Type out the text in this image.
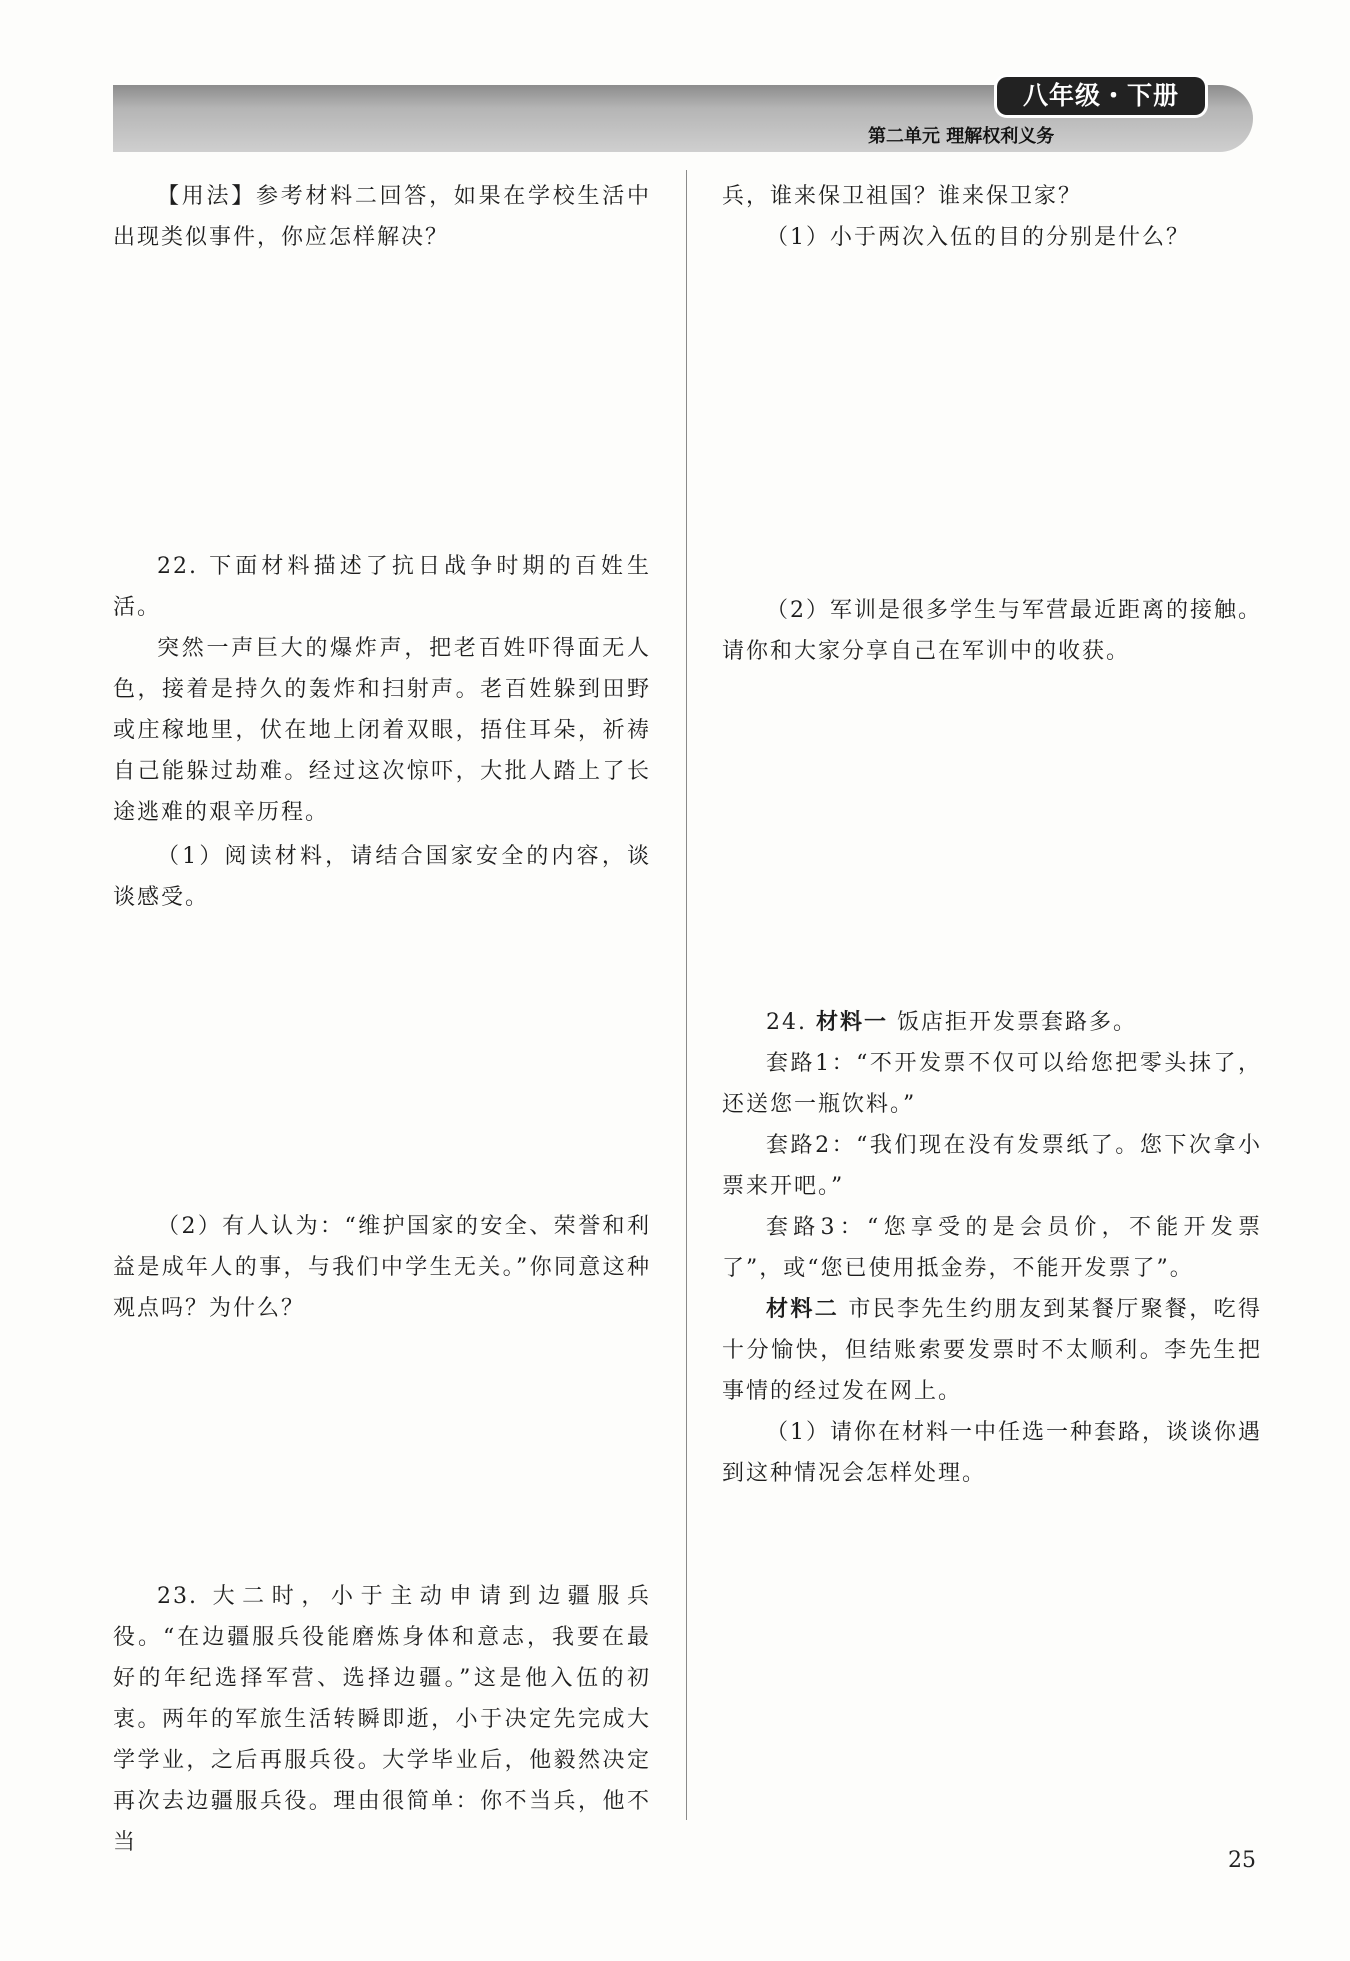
八年级・下册
第二单元 理解权利义务

【用法】参考材料二回答，如果在学校生活中出现类似事件，你应怎样解决？

22. 下面材料描述了抗日战争时期的百姓生活。

突然一声巨大的爆炸声，把老百姓吓得面无人色，接着是持久的轰炸和扫射声。老百姓躲到田野或庄稼地里，伏在地上闭着双眼，捂住耳朵，祈祷自己能躲过劫难。经过这次惊吓，大批人踏上了长途逃难的艰辛历程。

（1）阅读材料，请结合国家安全的内容，谈谈感受。

（2）有人认为：“维护国家的安全、荣誉和利益是成年人的事，与我们中学生无关。”你同意这种观点吗？为什么？

23. 大二时，小于主动申请到边疆服兵役。“在边疆服兵役能磨炼身体和意志，我要在最好的年纪选择军营、选择边疆。”这是他入伍的初衷。两年的军旅生活转瞬即逝，小于决定先完成大学学业，之后再服兵役。大学毕业后，他毅然决定再次去边疆服兵役。理由很简单：你不当兵，他不当

兵，谁来保卫祖国？谁来保卫家？

（1）小于两次入伍的目的分别是什么？

（2）军训是很多学生与军营最近距离的接触。请你和大家分享自己在军训中的收获。

24. 材料一 饭店拒开发票套路多。

套路1：“不开发票不仅可以给您把零头抹了，还送您一瓶饮料。”

套路2：“我们现在没有发票纸了。您下次拿小票来开吧。”

套路3：“您享受的是会员价，不能开发票了”，或“您已使用抵金券，不能开发票了”。

材料二 市民李先生约朋友到某餐厅聚餐，吃得十分愉快，但结账索要发票时不太顺利。李先生把事情的经过发在网上。

（1）请你在材料一中任选一种套路，谈谈你遇到这种情况会怎样处理。

25
